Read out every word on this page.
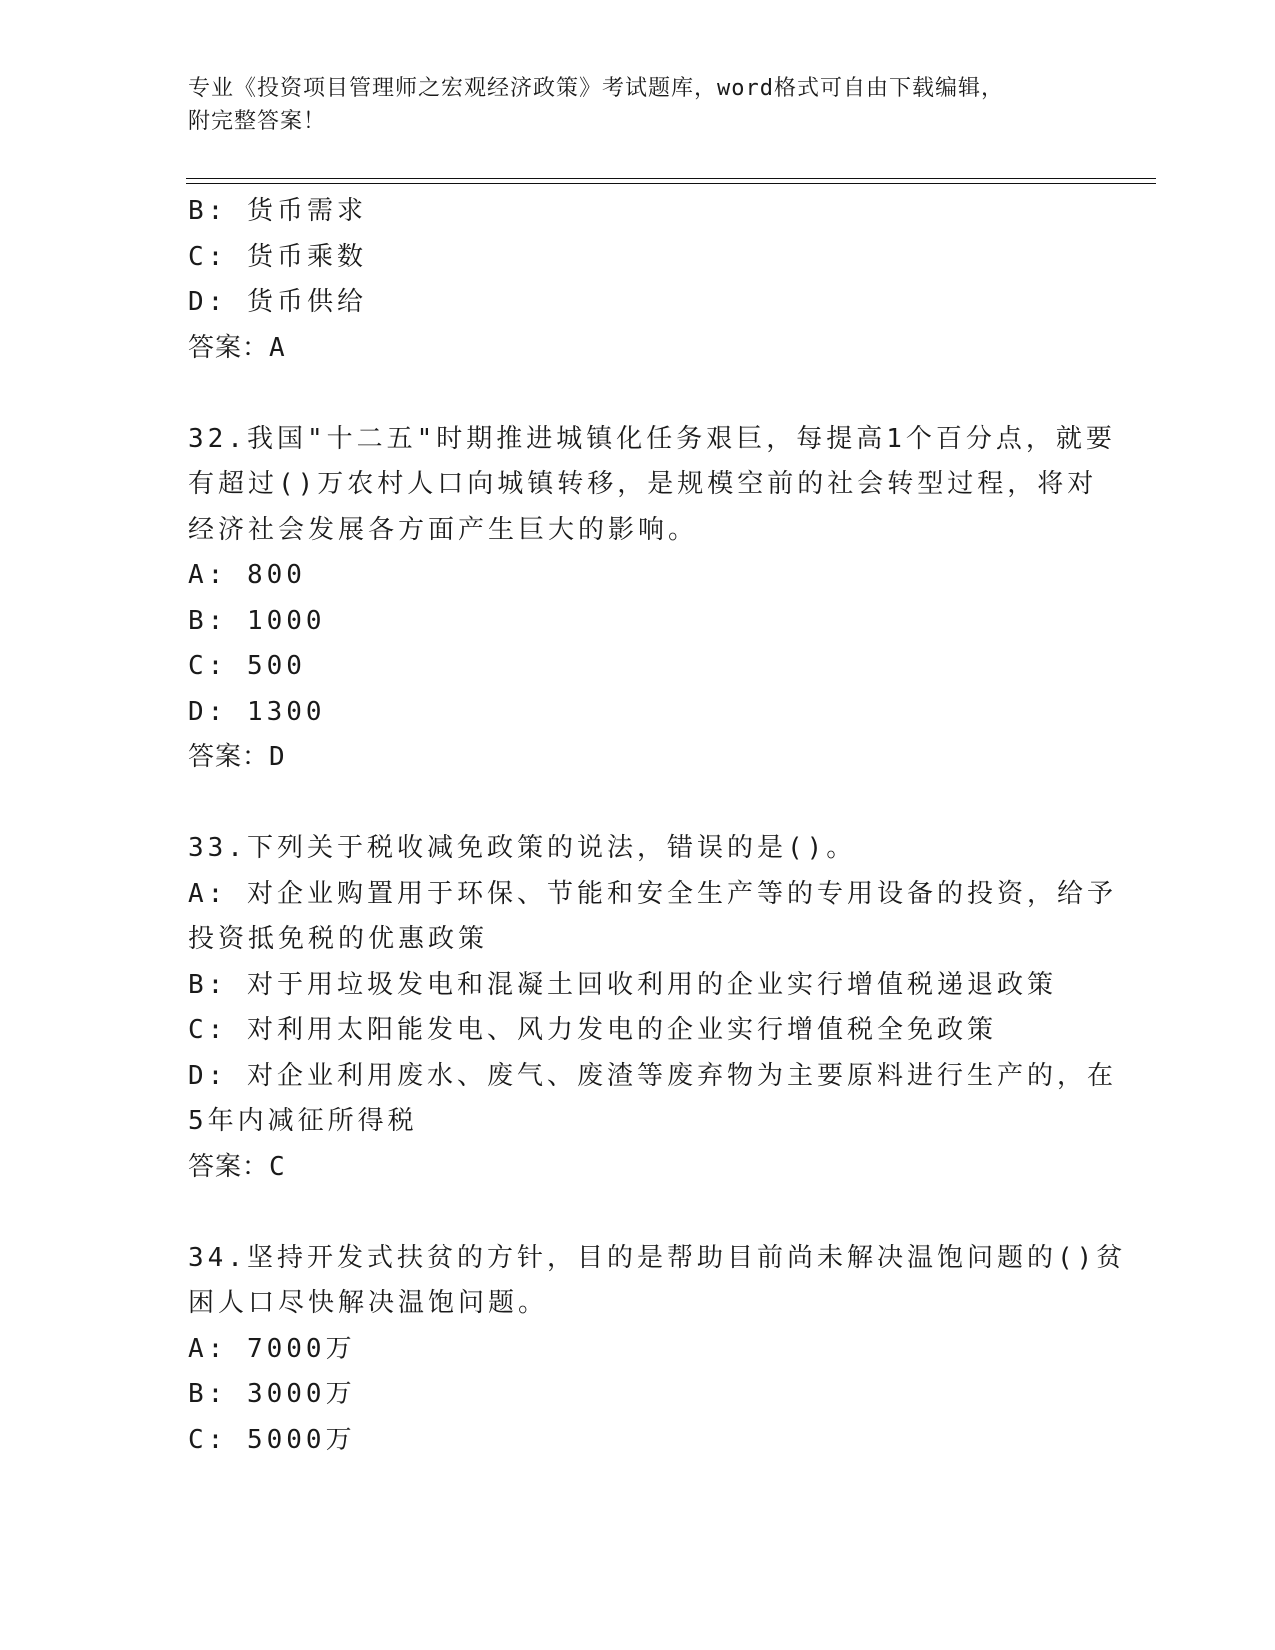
专业《投资项目管理师之宏观经济政策》考试题库，word格式可自由下载编辑，
附完整答案！
B: 货币需求
C: 货币乘数
D: 货币供给
答案：A
32.我国"十二五"时期推进城镇化任务艰巨，每提高1个百分点，就要
有超过()万农村人口向城镇转移，是规模空前的社会转型过程，将对
经济社会发展各方面产生巨大的影响。
A: 800
B: 1000
C: 500
D: 1300
答案：D
33.下列关于税收减免政策的说法，错误的是()。
A: 对企业购置用于环保、节能和安全生产等的专用设备的投资，给予
投资抵免税的优惠政策
B: 对于用垃圾发电和混凝土回收利用的企业实行增值税递退政策
C: 对利用太阳能发电、风力发电的企业实行增值税全免政策
D: 对企业利用废水、废气、废渣等废弃物为主要原料进行生产的，在
5年内减征所得税
答案：C
34.坚持开发式扶贫的方针，目的是帮助目前尚未解决温饱问题的()贫
困人口尽快解决温饱问题。
A: 7000万
B: 3000万
C: 5000万
